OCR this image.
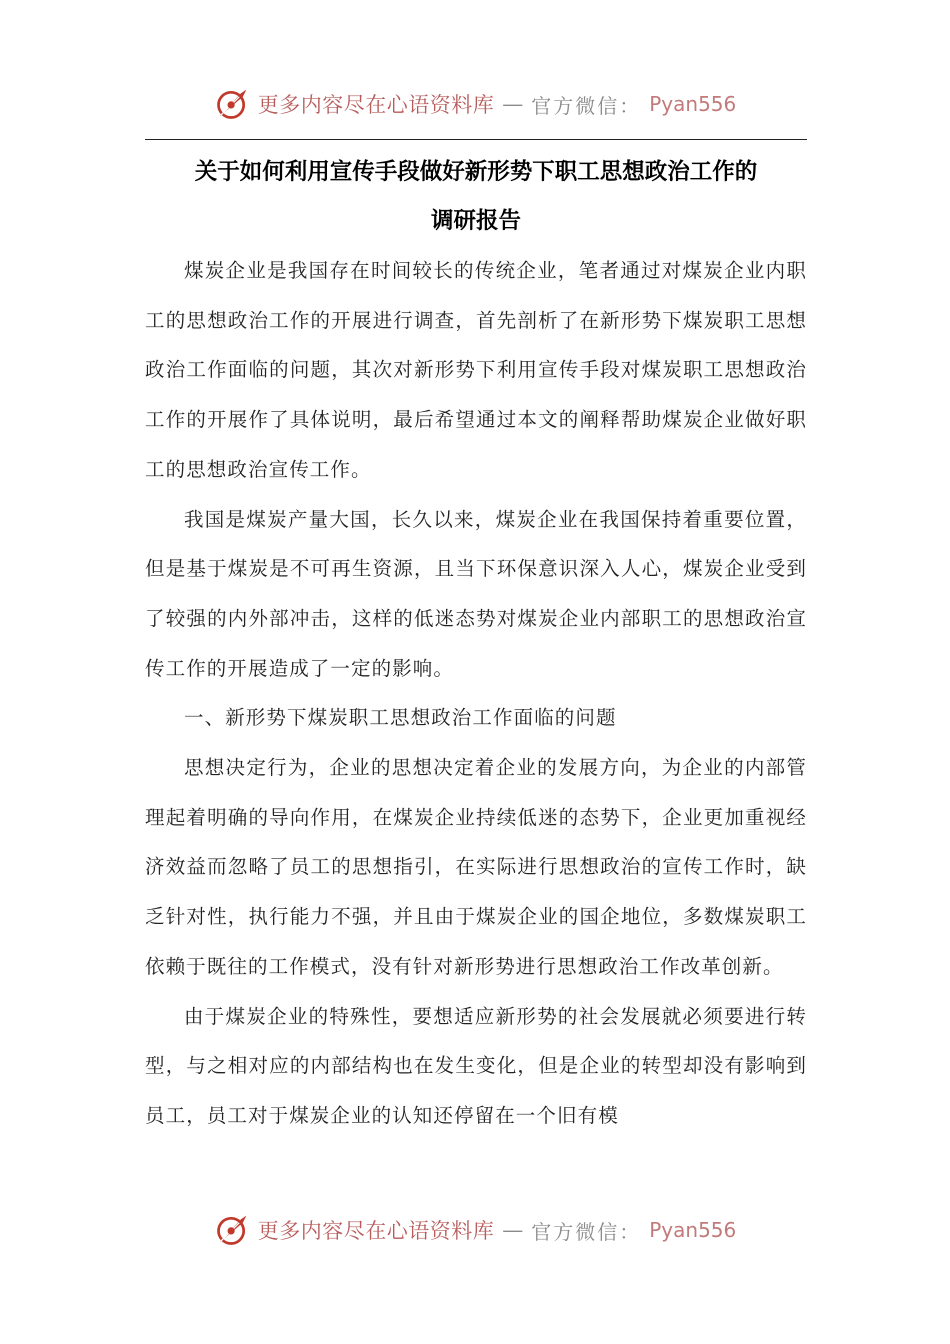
更多内容尽在心语资料库 — 官方微信： Pyan556
关于如何利用宣传手段做好新形势下职工思想政治工作的
调研报告

煤炭企业是我国存在时间较长的传统企业，笔者通过对煤炭企业内职工的思想政治工作的开展进行调查，首先剖析了在新形势下煤炭职工思想政治工作面临的问题，其次对新形势下利用宣传手段对煤炭职工思想政治工作的开展作了具体说明，最后希望通过本文的阐释帮助煤炭企业做好职工的思想政治宣传工作。

我国是煤炭产量大国，长久以来，煤炭企业在我国保持着重要位置，但是基于煤炭是不可再生资源，且当下环保意识深入人心，煤炭企业受到了较强的内外部冲击，这样的低迷态势对煤炭企业内部职工的思想政治宣传工作的开展造成了一定的影响。

一、新形势下煤炭职工思想政治工作面临的问题

思想决定行为，企业的思想决定着企业的发展方向，为企业的内部管理起着明确的导向作用，在煤炭企业持续低迷的态势下，企业更加重视经济效益而忽略了员工的思想指引，在实际进行思想政治的宣传工作时，缺乏针对性，执行能力不强，并且由于煤炭企业的国企地位，多数煤炭职工依赖于既往的工作模式，没有针对新形势进行思想政治工作改革创新。

由于煤炭企业的特殊性，要想适应新形势的社会发展就必须要进行转型，与之相对应的内部结构也在发生变化，但是企业的转型却没有影响到员工，员工对于煤炭企业的认知还停留在一个旧有模

更多内容尽在心语资料库 — 官方微信： Pyan556
